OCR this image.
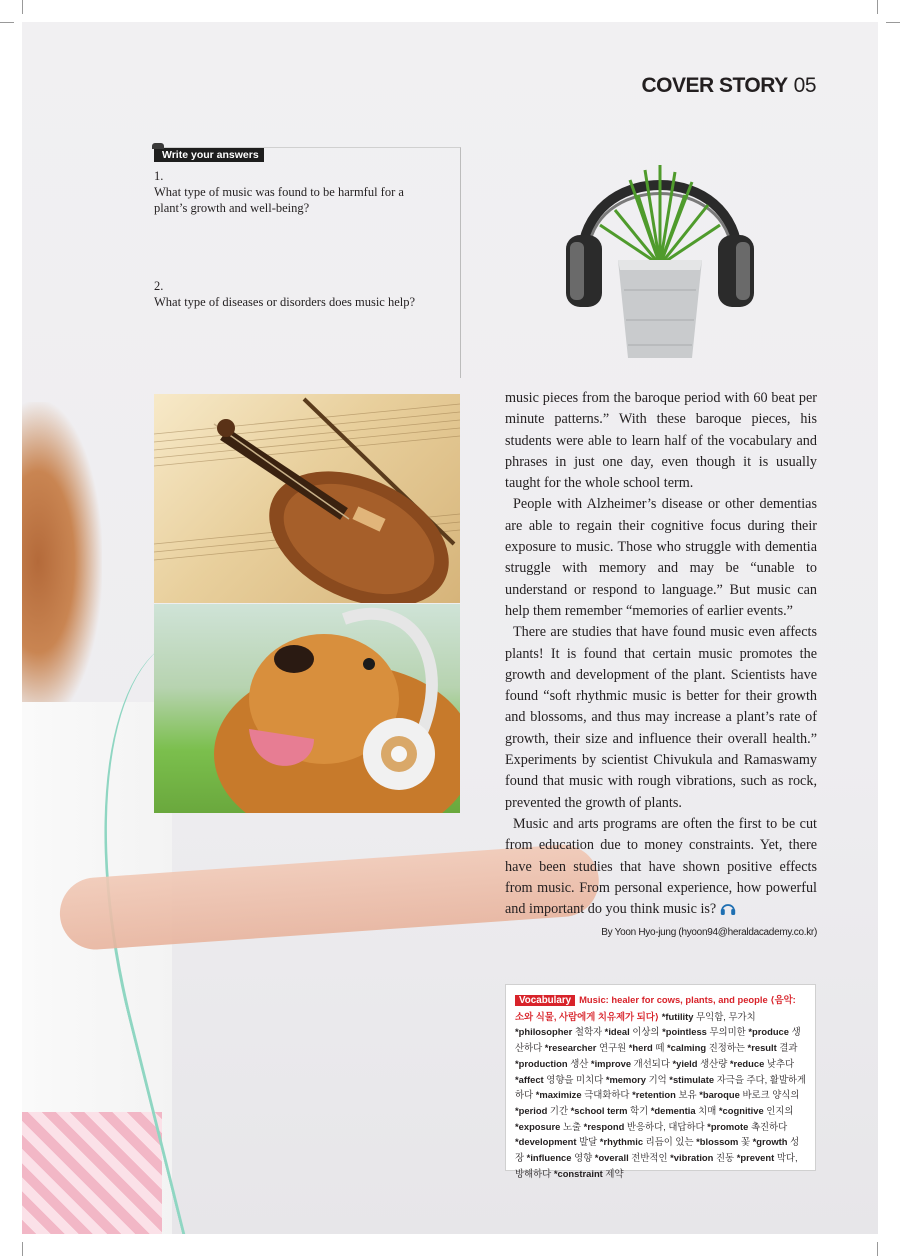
COVER STORY 05
Write your answers
1. What type of music was found to be harmful for a plant’s growth and well-being?
2. What type of diseases or disorders does music help?

music pieces from the baroque period with 60 beat per minute patterns.” With these baroque pieces, his students were able to learn half of the vocabulary and phrases in just one day, even though it is usually taught for the whole school term.

People with Alzheimer’s disease or other dementias are able to regain their cognitive focus during their exposure to music. Those who struggle with dementia struggle with memory and may be “unable to understand or respond to language.” But music can help them remember “memories of earlier events.”

There are studies that have found music even affects plants! It is found that certain music promotes the growth and development of the plant. Scientists have found “soft rhythmic music is better for their growth and blossoms, and thus may increase a plant’s rate of growth, their size and influence their overall health.” Experiments by scientist Chivukula and Ramaswamy found that music with rough vibrations, such as rock, prevented the growth of plants.

Music and arts programs are often the first to be cut from education due to money constraints. Yet, there have been studies that have shown positive effects from music. From personal experience, how powerful and important do you think music is?

By Yoon Hyo-jung (hyoon94@heraldacademy.co.kr)
Vocabulary Music: healer for cows, plants, and people ⟨음악: 소와 식물, 사람에게 치유제가 되다⟩ *futility 무익함, 무가치 *philosopher 철학자 *ideal 이상의 *pointless 무의미한 *produce 생산하다 *researcher 연구원 *herd 떼 *calming 진정하는 *result 결과 *production 생산 *improve 개선되다 *yield 생산량 *reduce 낮추다 *affect 영향을 미치다 *memory 기억 *stimulate 자극을 주다, 활발하게 하다 *maximize 극대화하다 *retention 보유 *baroque 바로크 양식의 *period 기간 *school term 학기 *dementia 치매 *cognitive 인지의 *exposure 노출 *respond 반응하다, 대답하다 *promote 촉진하다 *development 발달 *rhythmic 리듬이 있는 *blossom 꽃 *growth 성장 *influence 영향 *overall 전반적인 *vibration 진동 *prevent 막다, 방해하다 *constraint 제약
